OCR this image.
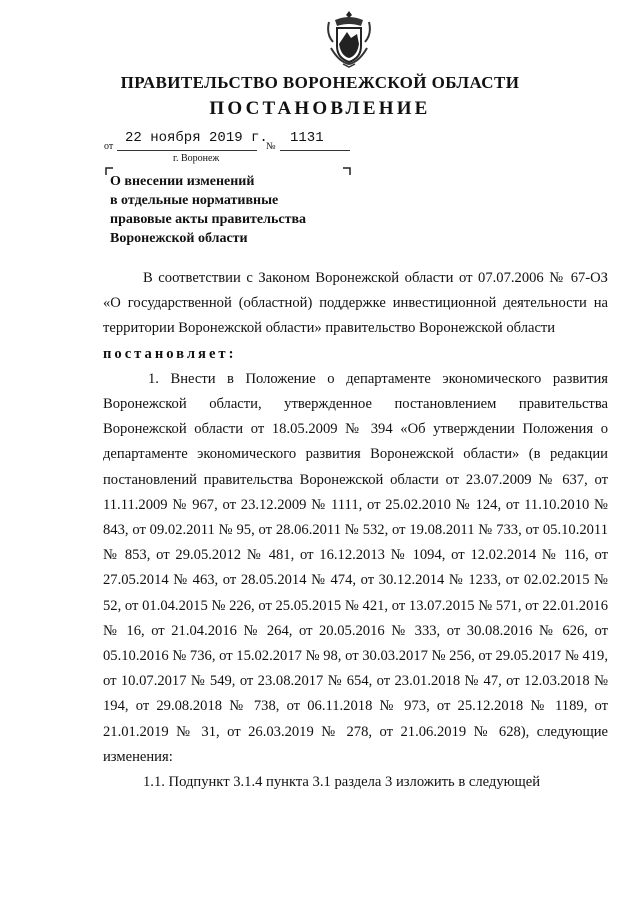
ПРАВИТЕЛЬСТВО ВОРОНЕЖСКОЙ ОБЛАСТИ
ПОСТАНОВЛЕНИЕ
от
22 ноября 2019 г.
№
1131
г. Воронеж
О внесении изменений
в отдельные нормативные
правовые акты правительства
Воронежской области

В соответствии с Законом Воронежской области от 07.07.2006 № 67-ОЗ «О государственной (областной) поддержке инвестиционной деятельности на территории Воронежской области» правительство Воронежской области

постановляет:

1. Внести в Положение о департаменте экономического развития Воронежской области, утвержденное постановлением правительства Воронежской области от 18.05.2009 № 394 «Об утверждении Положения о департаменте экономического развития Воронежской области» (в редакции постановлений правительства Воронежской области от 23.07.2009 № 637, от 11.11.2009 № 967, от 23.12.2009 № 1111, от 25.02.2010 № 124, от 11.10.2010 № 843, от 09.02.2011 № 95, от 28.06.2011 № 532, от 19.08.2011 № 733, от 05.10.2011 № 853, от 29.05.2012 № 481, от 16.12.2013 № 1094, от 12.02.2014 № 116, от 27.05.2014 № 463, от 28.05.2014 № 474, от 30.12.2014 № 1233, от 02.02.2015 № 52, от 01.04.2015 № 226, от 25.05.2015 № 421, от 13.07.2015 № 571, от 22.01.2016 № 16, от 21.04.2016 № 264, от 20.05.2016 № 333, от 30.08.2016 № 626, от 05.10.2016 № 736, от 15.02.2017 № 98, от 30.03.2017 № 256, от 29.05.2017 № 419, от 10.07.2017 № 549, от 23.08.2017 № 654, от 23.01.2018 № 47, от 12.03.2018 № 194, от 29.08.2018 № 738, от 06.11.2018 № 973, от 25.12.2018 № 1189, от 21.01.2019 № 31, от 26.03.2019 № 278, от 21.06.2019 № 628), следующие изменения:

1.1. Подпункт 3.1.4 пункта 3.1 раздела 3 изложить в следующей
